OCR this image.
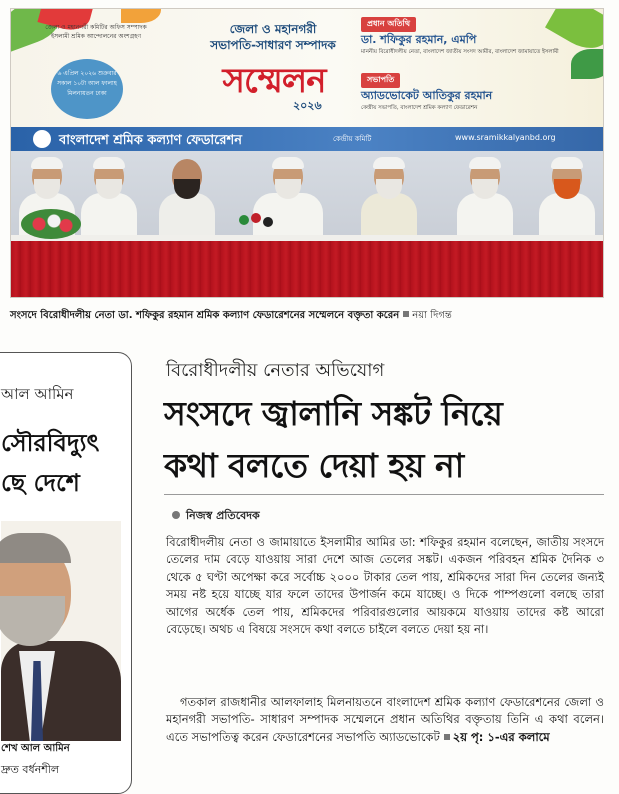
জেলা ও মহানগরী কমিটির অফিস সম্পাদক ইসলামী শ্রমিক আন্দোলনের অংশগ্রহণ
৬ এপ্রিল ২০২৬ শুক্রবার সকাল ১০টা আল ফালাহ মিলনায়তন ঢাকা
জেলা ও মহানগরী
সভাপতি-সাধারণ সম্পাদক
সম্মেলন
২০২৬
প্রধান অতিথি
ডা. শফিকুর রহমান, এমপি
মাননীয় বিরোধীদলীয় নেতা, বাংলাদেশ জাতীয় সংসদ আমীর, বাংলাদেশ জামায়াতে ইসলামী
সভাপতি
অ্যাডভোকেট আতিকুর রহমান
কেন্দ্রীয় সভাপতি, বাংলাদেশ শ্রমিক কল্যাণ ফেডারেশন
বাংলাদেশ শ্রমিক কল্যাণ ফেডারেশন	কেন্দ্রীয় কমিটি	www.sramikkalyanbd.org
সংসদে বিরোধীদলীয় নেতা ডা. শফিকুর রহমান শ্রমিক কল্যাণ ফেডারেশনের সম্মেলনে বক্তৃতা করেন নয়া দিগন্ত
আল আমিন
সৌরবিদ্যুৎ
ছে দেশে
শেখ আল আমিন
দ্রুত বর্ধনশীল
বিরোধীদলীয় নেতার অভিযোগ
সংসদে জ্বালানি সঙ্কট নিয়ে
কথা বলতে দেয়া হয় না
নিজস্ব প্রতিবেদক
বিরোধীদলীয় নেতা ও জামায়াতে ইসলামীর আমির ডা: শফিকুর রহমান বলেছেন, জাতীয় সংসদে তেলের দাম বেড়ে যাওয়ায় সারা দেশে আজ তেলের সঙ্কট। একজন পরিবহন শ্রমিক দৈনিক ৩ থেকে ৫ ঘণ্টা অপেক্ষা করে সর্বোচ্চ ২০০০ টাকার তেল পায়, শ্রমিকদের সারা দিন তেলের জন্যই সময় নষ্ট হয়ে যাচ্ছে যার ফলে তাদের উপার্জন কমে যাচ্ছে। ও দিকে পাম্পগুলো বলছে তারা আগের অর্ধেক তেল পায়, শ্রমিকদের পরিবারগুলোর আয়কমে যাওয়ায় তাদের কষ্ট আরো বেড়েছে। অথচ এ বিষয়ে সংসদে কথা বলতে চাইলে বলতে দেয়া হয় না।
গতকাল রাজধানীর আলফালাহ মিলনায়তনে বাংলাদেশ শ্রমিক কল্যাণ ফেডারেশনের জেলা ও মহানগরী সভাপতি- সাধারণ সম্পাদক সম্মেলনে প্রধান অতিথির বক্তৃতায় তিনি এ কথা বলেন। এতে সভাপতিত্ব করেন ফেডারেশনের সভাপতি অ্যাডভোকেট ২য় পৃ: ১-এর কলামে
